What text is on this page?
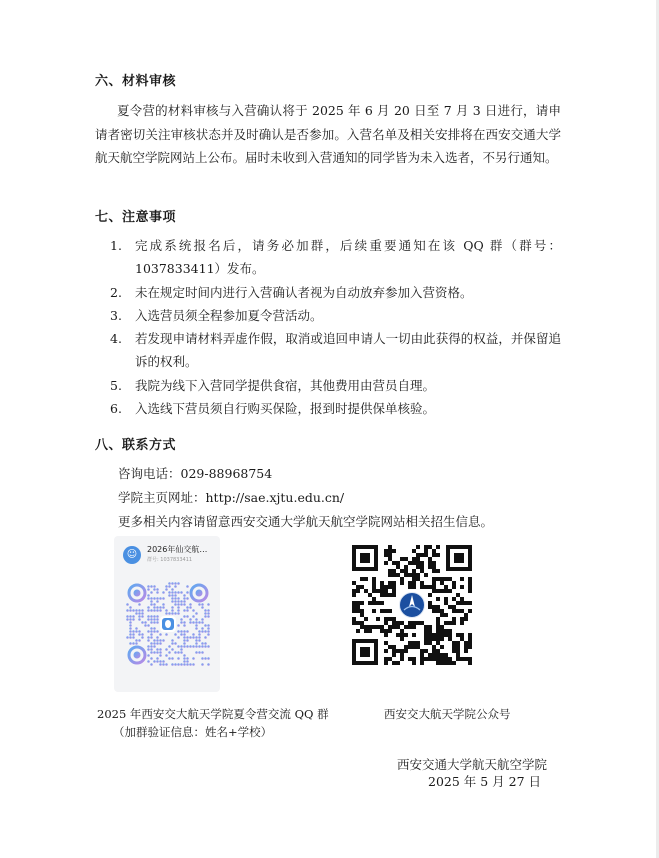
六、材料审核
夏令营的材料审核与入营确认将于 2025 年 6 月 20 日至 7 月 3 日进行，请申请者密切关注审核状态并及时确认是否参加。入营名单及相关安排将在西安交通大学航天航空学院网站上公布。届时未收到入营通知的同学皆为未入选者，不另行通知。
七、注意事项
1. 完成系统报名后，请务必加群，后续重要通知在该 QQ 群（群号：1037833411）发布。
2. 未在规定时间内进行入营确认者视为自动放弃参加入营资格。
3. 入选营员须全程参加夏令营活动。
4. 若发现申请材料弄虚作假，取消或追回申请人一切由此获得的权益，并保留追诉的权利。
5. 我院为线下入营同学提供食宿，其他费用由营员自理。
6. 入选线下营员须自行购买保险，报到时提供保单核验。
八、联系方式
咨询电话：029-88968754
学院主页网址：http://sae.xjtu.edu.cn/
更多相关内容请留意西安交通大学航天航空学院网站相关招生信息。
☺	2026年仙交航…
群号: 1037833411
2025 年西安交大航天学院夏令营交流 QQ 群
（加群验证信息：姓名+学校）
西安交大航天学院公众号
西安交通大学航天航空学院
2025 年 5 月 27 日
